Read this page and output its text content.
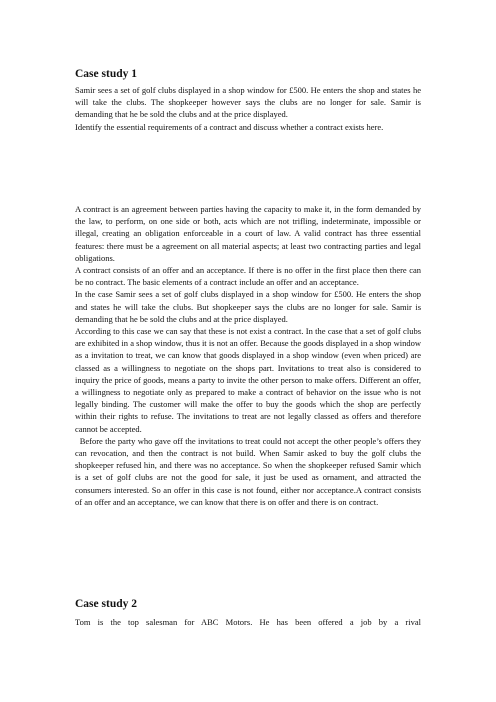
Case study 1

Samir sees a set of golf clubs displayed in a shop window for £500. He enters the shop and states he will take the clubs. The shopkeeper however says the clubs are no longer for sale. Samir is demanding that he be sold the clubs and at the price displayed.

Identify the essential requirements of a contract and discuss whether a contract exists here.

A contract is an agreement between parties having the capacity to make it, in the form demanded by the law, to perform, on one side or both, acts which are not trifling, indeterminate, impossible or illegal, creating an obligation enforceable in a court of law. A valid contract has three essential features: there must be a agreement on all material aspects; at least two contracting parties and legal obligations.

A contract consists of an offer and an acceptance. If there is no offer in the first place then there can be no contract. The basic elements of a contract include an offer and an acceptance.

In the case Samir sees a set of golf clubs displayed in a shop window for £500. He enters the shop and states he will take the clubs. But shopkeeper says the clubs are no longer for sale. Samir is demanding that he be sold the clubs and at the price displayed.

According to this case we can say that these is not exist a contract. In the case that a set of golf clubs are exhibited in a shop window, thus it is not an offer. Because the goods displayed in a shop window as a invitation to treat, we can know that goods displayed in a shop window (even when priced) are classed as a willingness to negotiate on the shops part. Invitations to treat also is considered to inquiry the price of goods, means a party to invite the other person to make offers. Different an offer, a willingness to negotiate only as prepared to make a contract of behavior on the issue who is not legally binding. The customer will make the offer to buy the goods which the shop are perfectly within their rights to refuse. The invitations to treat are not legally classed as offers and therefore cannot be accepted.

Before the party who gave off the invitations to treat could not accept the other people’s offers they can revocation, and then the contract is not build. When Samir asked to buy the golf clubs the shopkeeper refused hin, and there was no acceptance. So when the shopkeeper refused Samir which is a set of golf clubs are not the good for sale, it just be used as ornament, and attracted the consumers interested. So an offer in this case is not found, either nor acceptance.A contract consists of an offer and an acceptance, we can know that there is on offer and there is on contract.

Case study 2

Tom is the top salesman for ABC Motors. He has been offered a job by a rival
